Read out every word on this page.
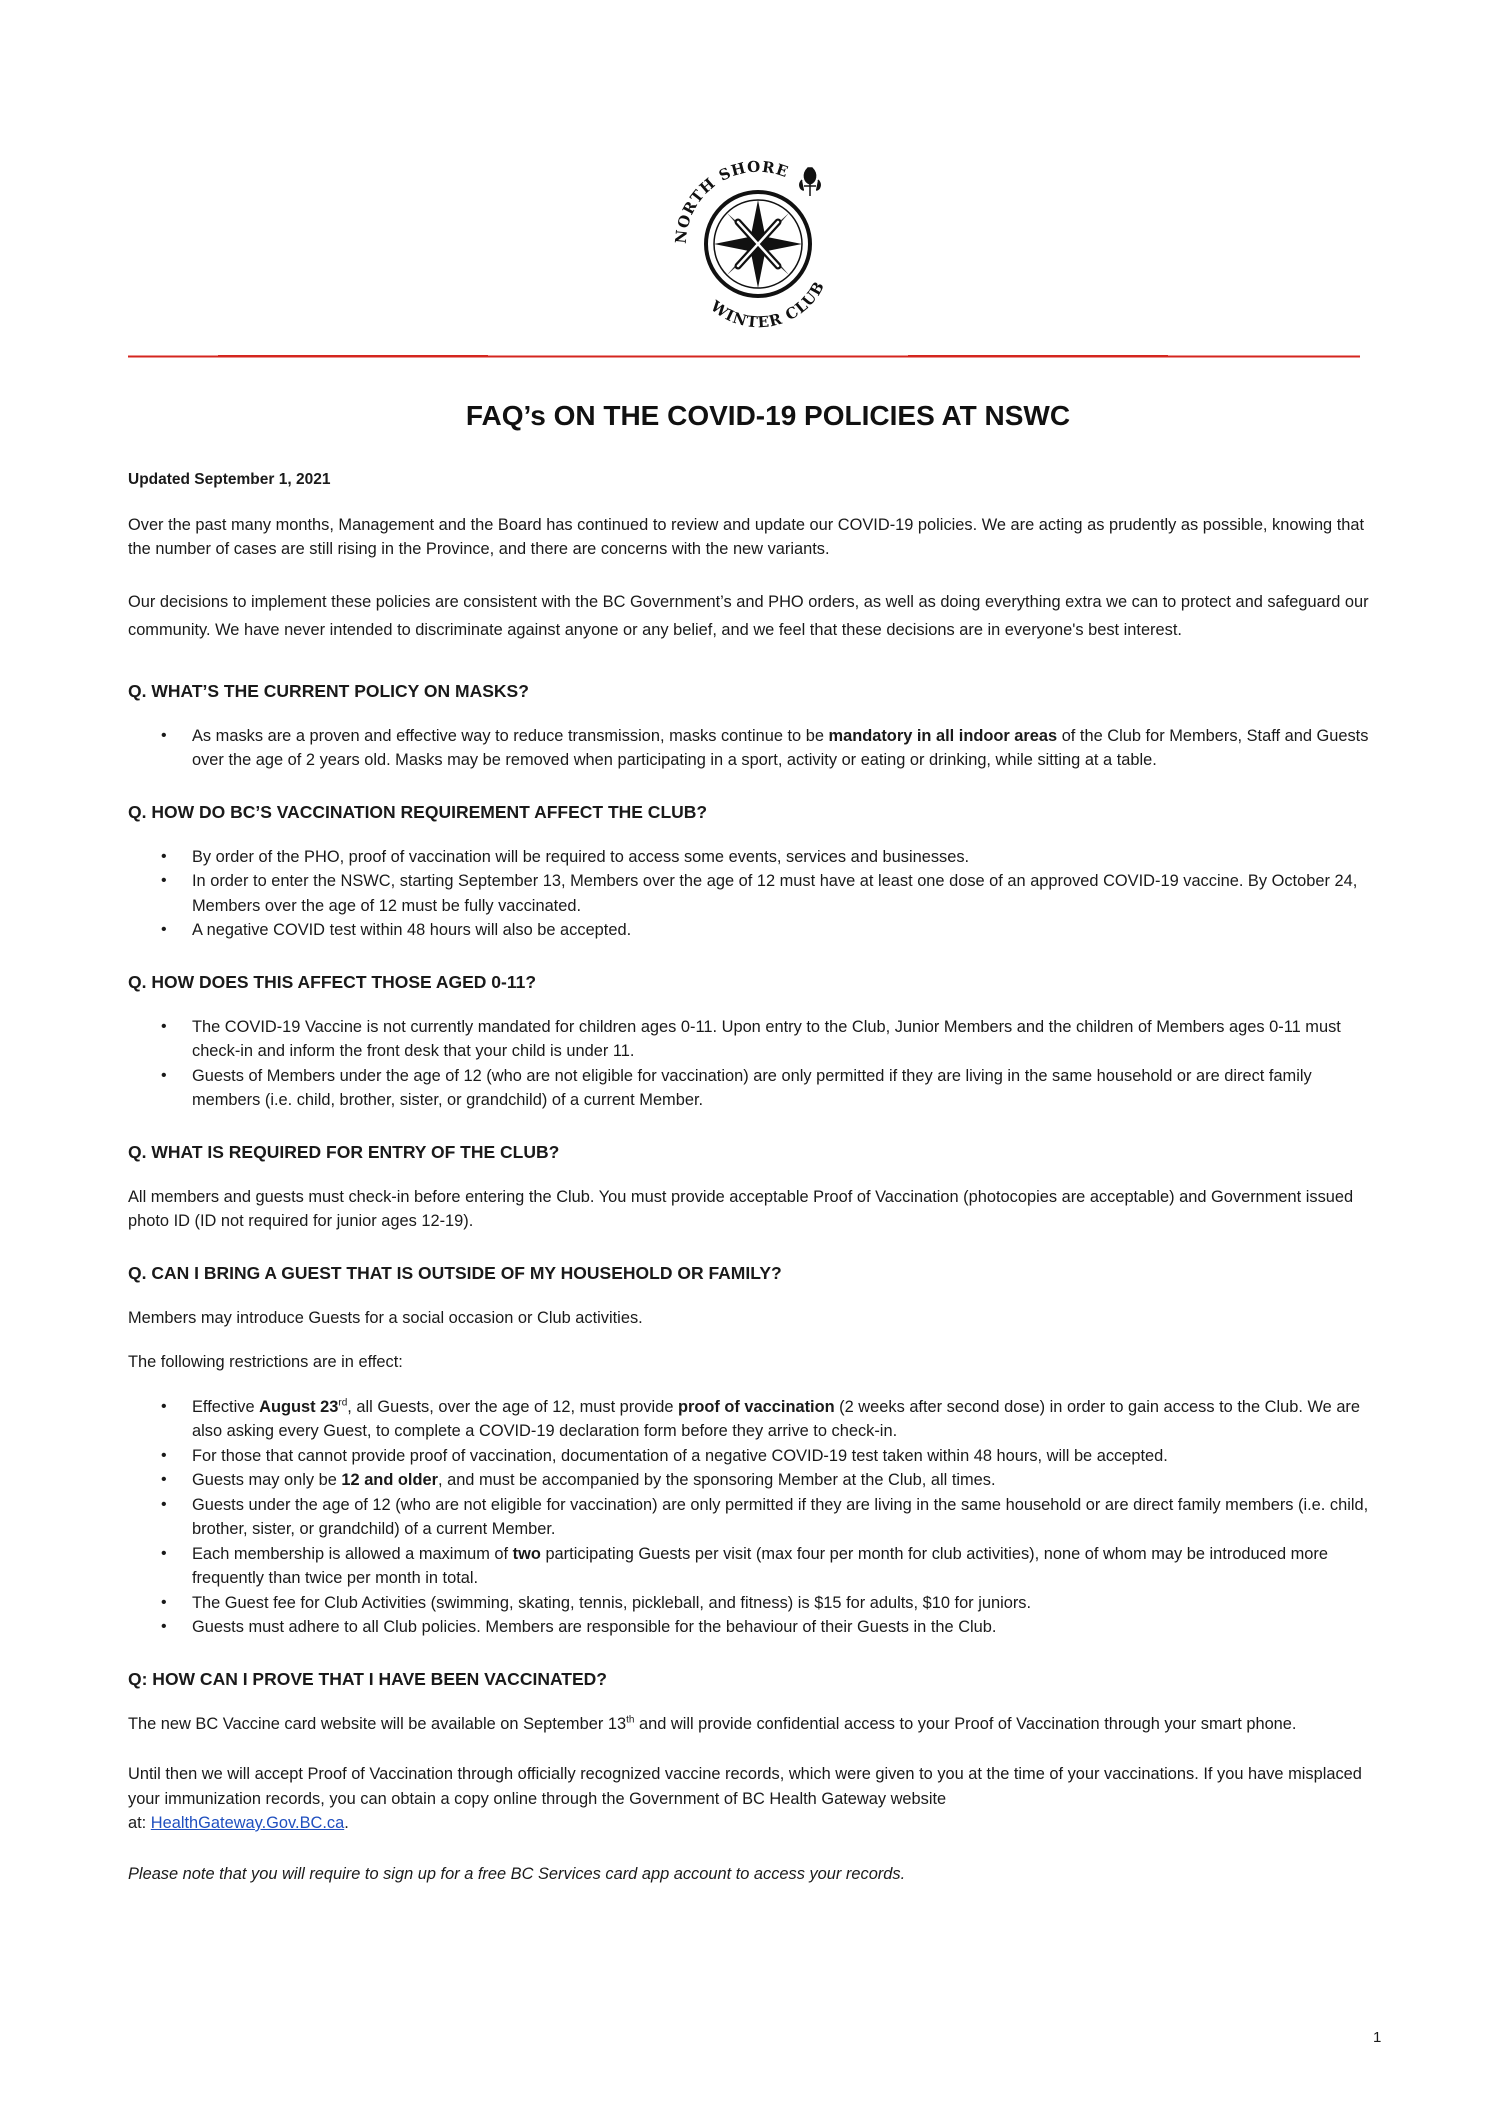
NORTH SHORE
WINTER CLUB
FAQ’s ON THE COVID-19 POLICIES AT NSWC

Updated September 1, 2021

Over the past many months, Management and the Board has continued to review and update our COVID-19 policies. We are acting as prudently as possible, knowing that the number of cases are still rising in the Province, and there are concerns with the new variants.

Our decisions to implement these policies are consistent with the BC Government’s and PHO orders, as well as doing everything extra we can to protect and safeguard our community. We have never intended to discriminate against anyone or any belief, and we feel that these decisions are in everyone's best interest.

Q. WHAT’S THE CURRENT POLICY ON MASKS?
• As masks are a proven and effective way to reduce transmission, masks continue to be mandatory in all indoor areas of the Club for Members, Staff and Guests over the age of 2 years old. Masks may be removed when participating in a sport, activity or eating or drinking, while sitting at a table.
Q. HOW DO BC’S VACCINATION REQUIREMENT AFFECT THE CLUB?
• By order of the PHO, proof of vaccination will be required to access some events, services and businesses.
• In order to enter the NSWC, starting September 13, Members over the age of 12 must have at least one dose of an approved COVID-19 vaccine. By October 24, Members over the age of 12 must be fully vaccinated.
• A negative COVID test within 48 hours will also be accepted.
Q. HOW DOES THIS AFFECT THOSE AGED 0-11?
• The COVID-19 Vaccine is not currently mandated for children ages 0-11. Upon entry to the Club, Junior Members and the children of Members ages 0-11 must check-in and inform the front desk that your child is under 11.
• Guests of Members under the age of 12 (who are not eligible for vaccination) are only permitted if they are living in the same household or are direct family members (i.e. child, brother, sister, or grandchild) of a current Member.
Q. WHAT IS REQUIRED FOR ENTRY OF THE CLUB?

All members and guests must check-in before entering the Club. You must provide acceptable Proof of Vaccination (photocopies are acceptable) and Government issued photo ID (ID not required for junior ages 12-19).

Q. CAN I BRING A GUEST THAT IS OUTSIDE OF MY HOUSEHOLD OR FAMILY?

Members may introduce Guests for a social occasion or Club activities.

The following restrictions are in effect:

• Effective August 23rd, all Guests, over the age of 12, must provide proof of vaccination (2 weeks after second dose) in order to gain access to the Club. We are also asking every Guest, to complete a COVID-19 declaration form before they arrive to check-in.
• For those that cannot provide proof of vaccination, documentation of a negative COVID-19 test taken within 48 hours, will be accepted.
• Guests may only be 12 and older, and must be accompanied by the sponsoring Member at the Club, all times.
• Guests under the age of 12 (who are not eligible for vaccination) are only permitted if they are living in the same household or are direct family members (i.e. child, brother, sister, or grandchild) of a current Member.
• Each membership is allowed a maximum of two participating Guests per visit (max four per month for club activities), none of whom may be introduced more frequently than twice per month in total.
• The Guest fee for Club Activities (swimming, skating, tennis, pickleball, and fitness) is $15 for adults, $10 for juniors.
• Guests must adhere to all Club policies. Members are responsible for the behaviour of their Guests in the Club.
Q: HOW CAN I PROVE THAT I HAVE BEEN VACCINATED?

The new BC Vaccine card website will be available on September 13th and will provide confidential access to your Proof of Vaccination through your smart phone.

Until then we will accept Proof of Vaccination through officially recognized vaccine records, which were given to you at the time of your vaccinations. If you have misplaced your immunization records, you can obtain a copy online through the Government of BC Health Gateway website
at: HealthGateway.Gov.BC.ca.

Please note that you will require to sign up for a free BC Services card app account to access your records.

1
